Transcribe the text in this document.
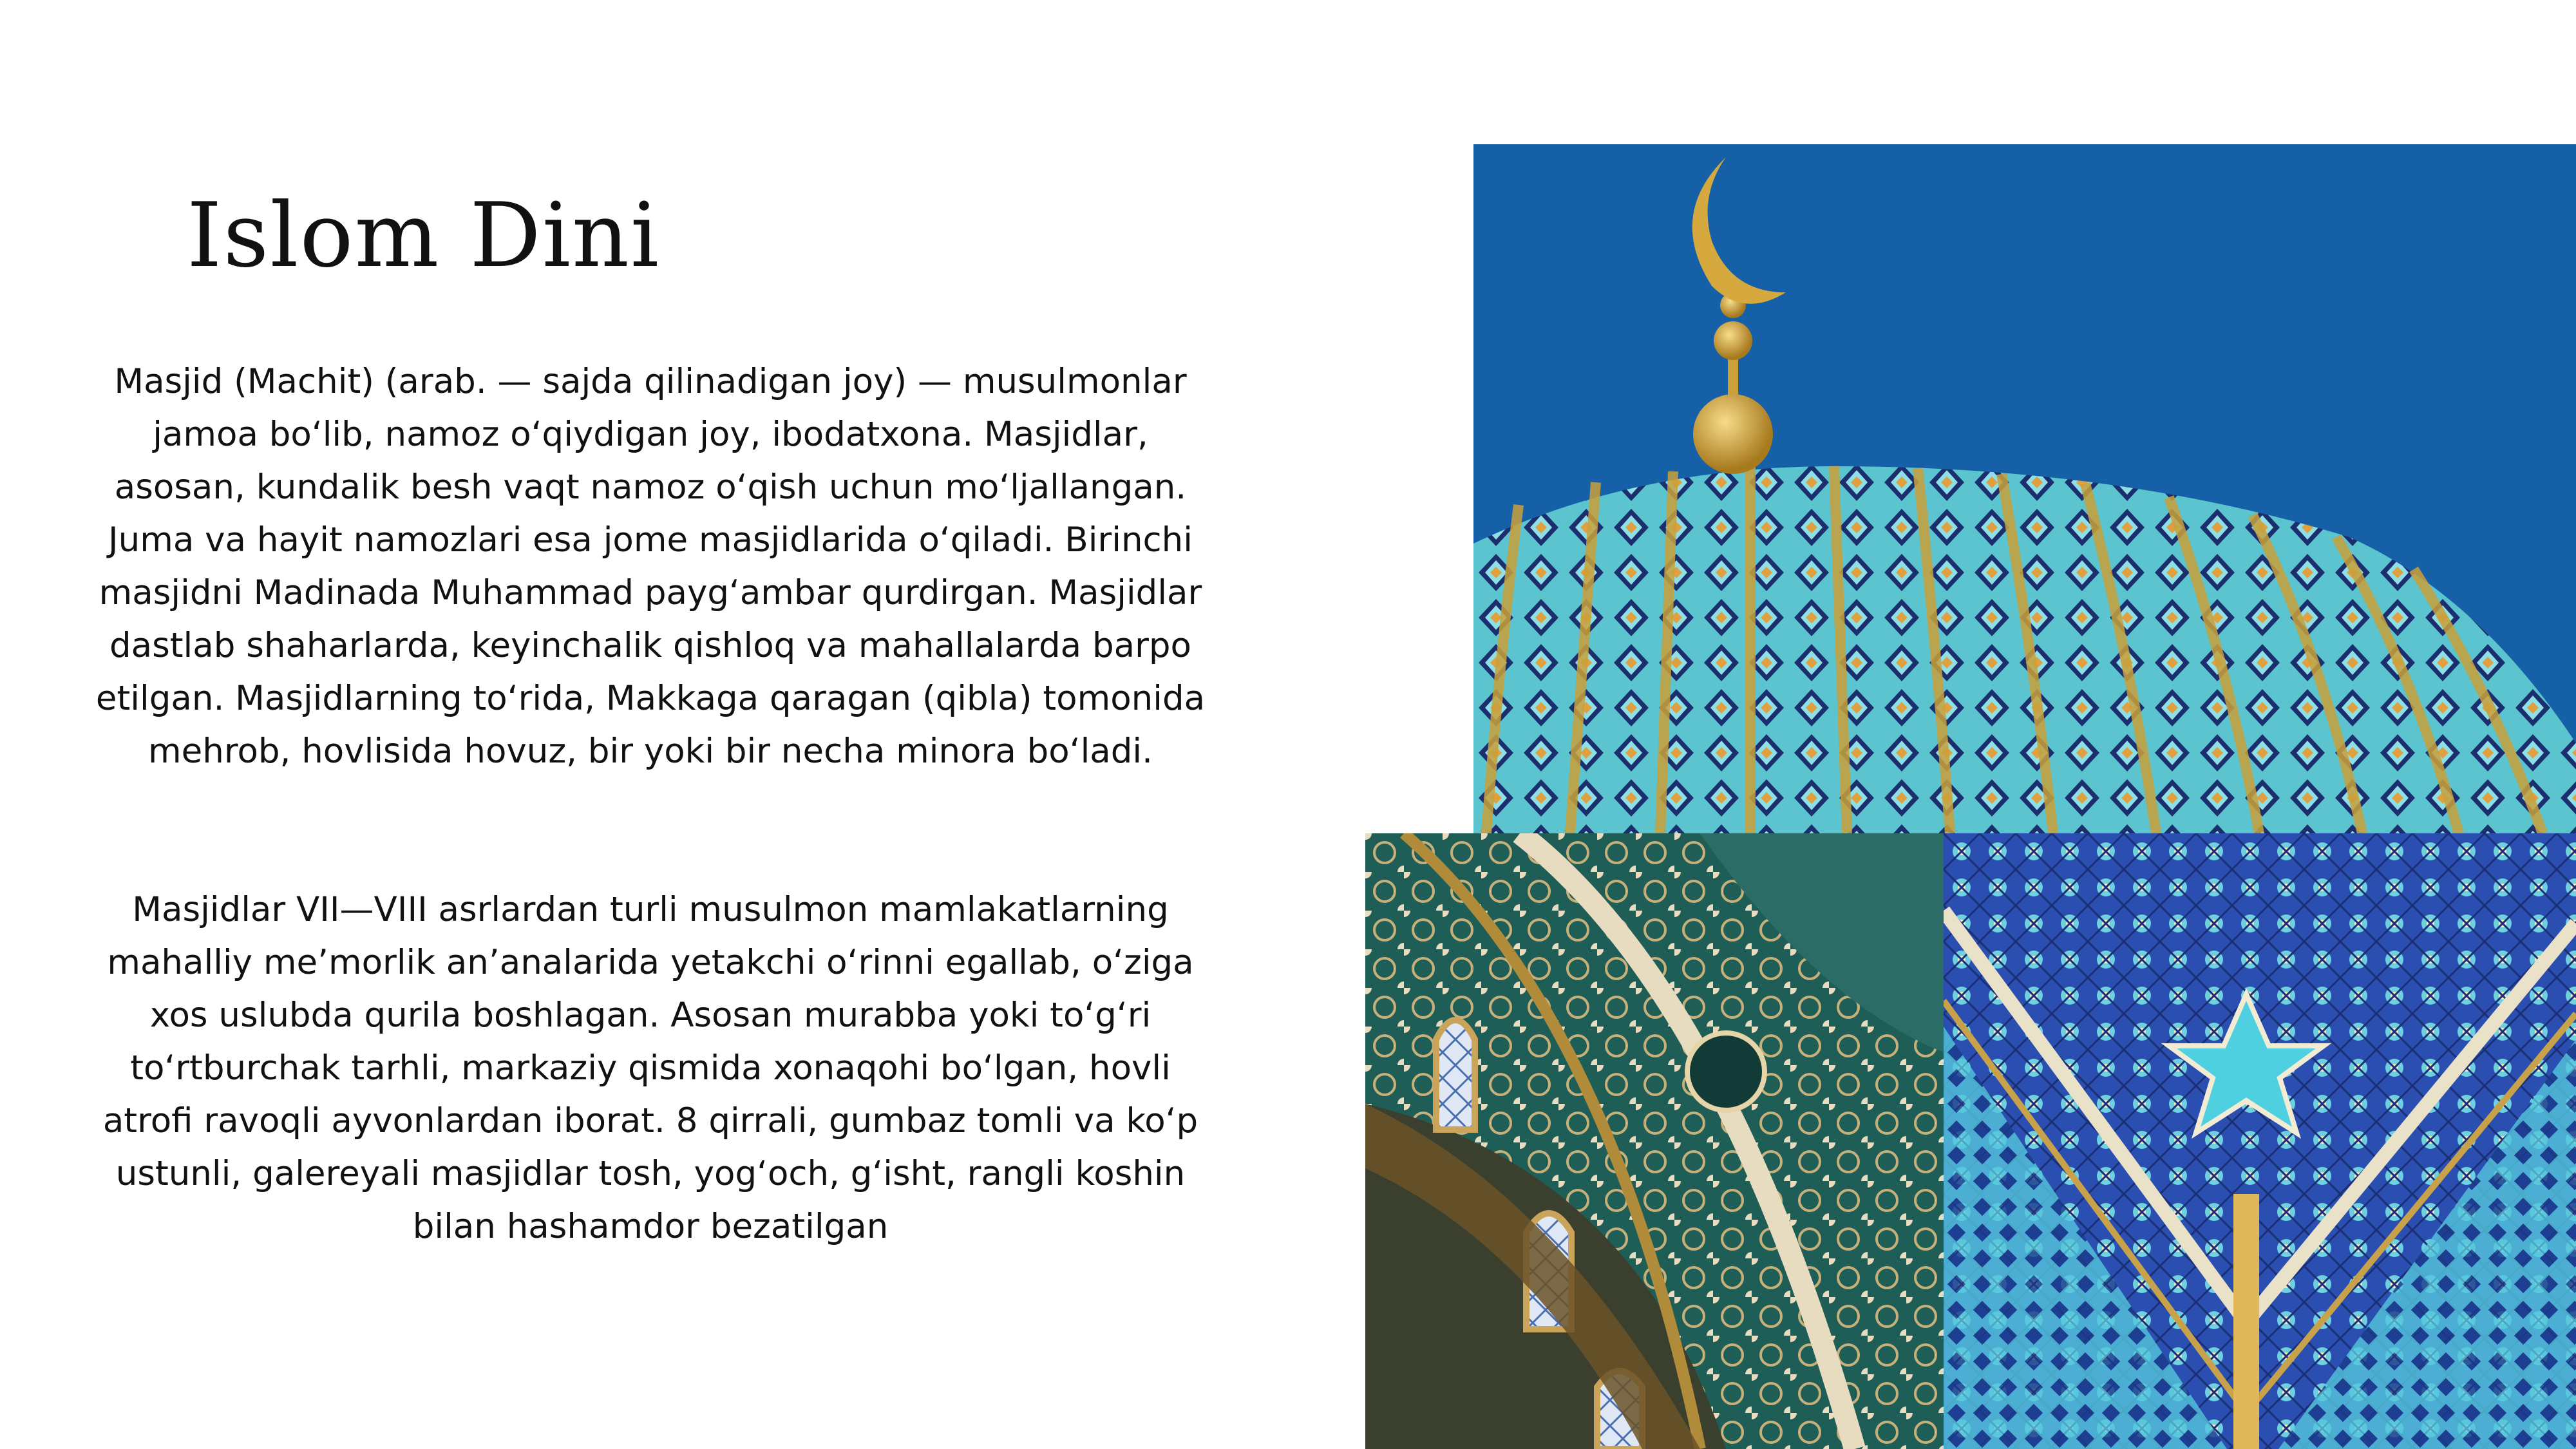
Islom Dini

Masjid (Machit) (arab. — sajda qilinadigan joy) — musulmonlar jamoa boʻlib, namoz oʻqiydigan joy, ibodatxona. Masjidlar, asosan, kundalik besh vaqt namoz oʻqish uchun moʻljallangan. Juma va hayit namozlari esa jome masjidlarida oʻqiladi. Birinchi masjidni Madinada Muhammad paygʻambar qurdirgan. Masjidlar dastlab shaharlarda, keyinchalik qishloq va mahallalarda barpo etilgan. Masjidlarning toʻrida, Makkaga qaragan (qibla) tomonida mehrob, hovlisida hovuz, bir yoki bir necha minora boʻladi.

Masjidlar VII—VIII asrlardan turli musulmon mamlakatlarning mahalliy meʼmorlik anʼanalarida yetakchi oʻrinni egallab, oʻziga xos uslubda qurila boshlagan. Asosan murabba yoki toʻgʻri toʻrtburchak tarhli, markaziy qismida xonaqohi boʻlgan, hovli atrofi ravoqli ayvonlardan iborat. 8 qirrali, gumbaz tomli va koʻp ustunli, galereyali masjidlar tosh, yogʻoch, gʻisht, rangli koshin bilan hashamdor bezatilgan
